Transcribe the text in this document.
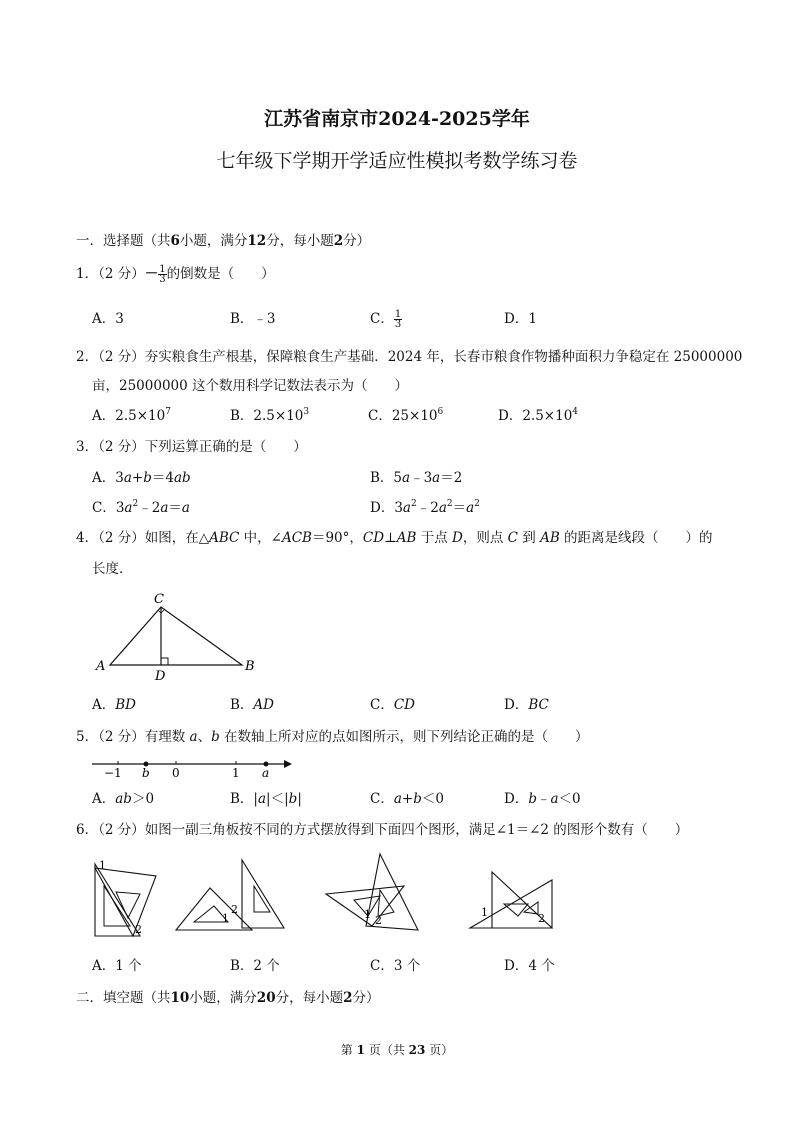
江苏省南京市2024-2025学年
七年级下学期开学适应性模拟考数学练习卷
一．选择题（共6小题，满分12分，每小题2分）
1．（2 分）－ $\frac{1}{3}$ 的倒数是（　　）
A．3	B．﹣3	C． $\frac{1}{3}$	D．1
2．（2 分）夯实粮食生产根基，保障粮食生产基础．2024 年，长春市粮食作物播种面积力争稳定在 25000000
亩，25000000 这个数用科学记数法表示为（　　）
A．$2.5\times 10^7$	B．$2.5\times 10^3$	C．$25\times 10^6$	D．$2.5\times 10^4$
3．（2 分）下列运算正确的是（　　）
A．3a+b＝4ab	B．5a﹣3a＝2
C．$3a^2﹣2a=a$	D．$3a^2﹣2a^2=a^2$
4．（2 分）如图，在△ABC 中，∠ACB＝90°，CD⊥AB 于点 D，则点 C 到 AB 的距离是线段（　　）的
长度．
C
A	B
D
A．BD	B．AD	C．CD	D．BC
5．（2 分）有理数 a、b 在数轴上所对应的点如图所示，则下列结论正确的是（　　）
−1 b 0	1 a
A．ab＞0	B．|a|＜|b|	C．a+b＜0	D．b﹣a＜0
6．（2 分）如图一副三角板按不同的方式摆放得到下面四个图形，满足∠1＝∠2 的图形个数有（　　）
1
2
1
2	1 2
1	2
A．1 个	B．2 个	C．3 个	D．4 个
二．填空题（共10小题，满分20分，每小题2分）
第 1 页（共 23 页）
